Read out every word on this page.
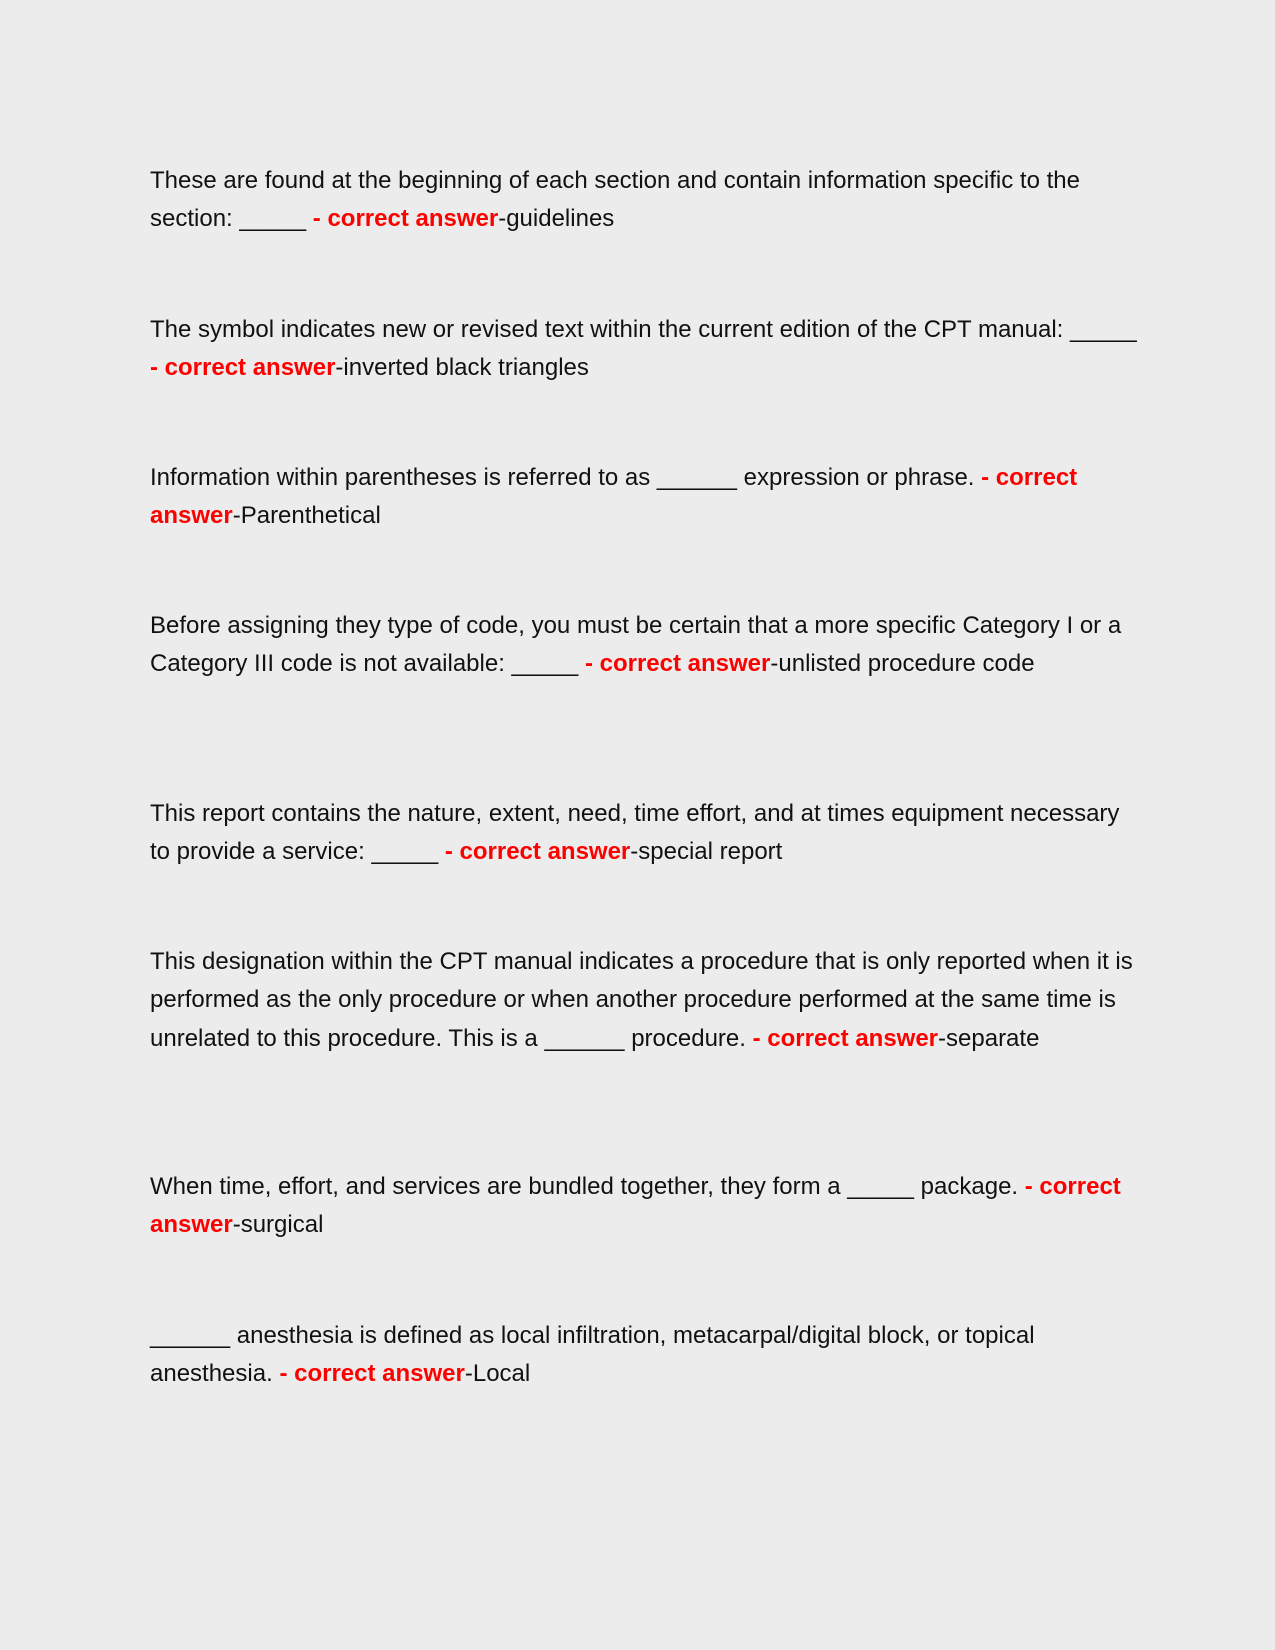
These are found at the beginning of each section and contain information specific to the section: _____ - correct answer-guidelines

The symbol indicates new or revised text within the current edition of the CPT manual: _____ - correct answer-inverted black triangles

Information within parentheses is referred to as ______ expression or phrase. - correct answer-Parenthetical

Before assigning they type of code, you must be certain that a more specific Category I or a Category III code is not available: _____ - correct answer-unlisted procedure code

This report contains the nature, extent, need, time effort, and at times equipment necessary to provide a service: _____ - correct answer-special report

This designation within the CPT manual indicates a procedure that is only reported when it is performed as the only procedure or when another procedure performed at the same time is unrelated to this procedure. This is a ______ procedure. - correct answer-separate

When time, effort, and services are bundled together, they form a _____ package. - correct answer-surgical

______ anesthesia is defined as local infiltration, metacarpal/digital block, or topical anesthesia. - correct answer-Local
